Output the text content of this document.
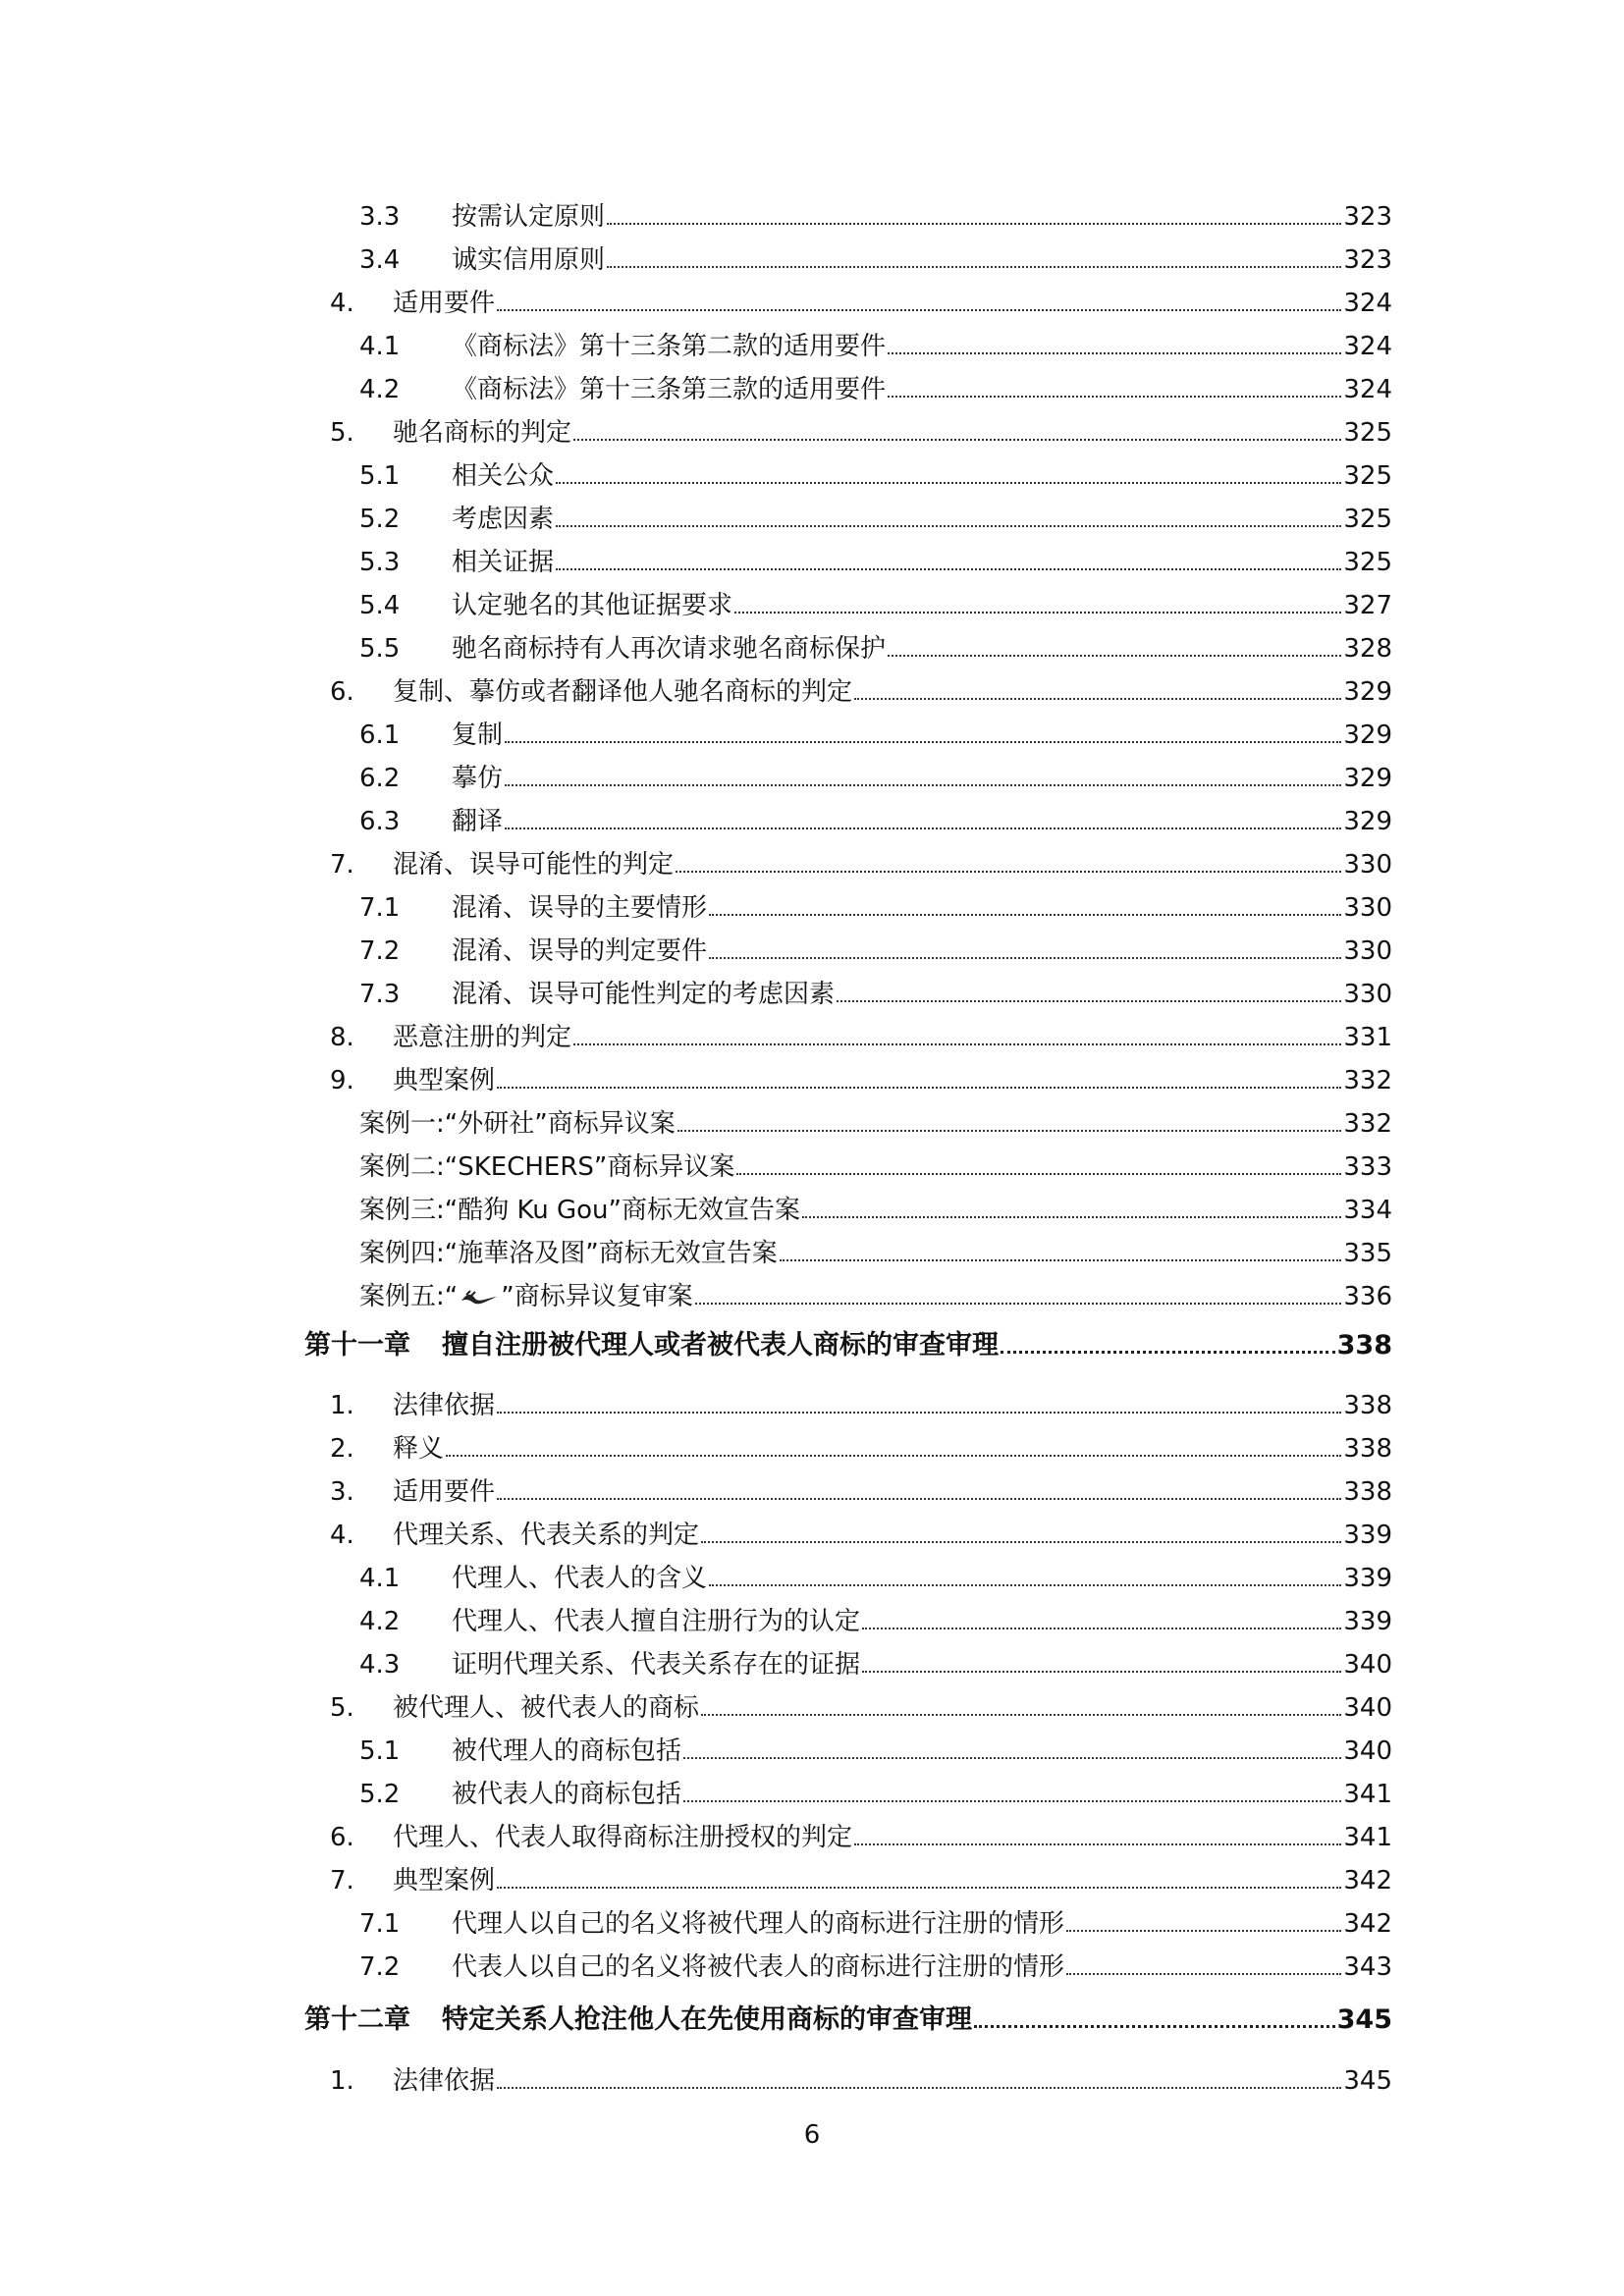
3.3	按需认定原则	323
3.4	诚实信用原则	323
4.	适用要件	324
4.1	《商标法》第十三条第二款的适用要件	324
4.2	《商标法》第十三条第三款的适用要件	324
5.	驰名商标的判定	325
5.1	相关公众	325
5.2	考虑因素	325
5.3	相关证据	325
5.4	认定驰名的其他证据要求	327
5.5	驰名商标持有人再次请求驰名商标保护	328
6.	复制、摹仿或者翻译他人驰名商标的判定	329
6.1	复制	329
6.2	摹仿	329
6.3	翻译	329
7.	混淆、误导可能性的判定	330
7.1	混淆、误导的主要情形	330
7.2	混淆、误导的判定要件	330
7.3	混淆、误导可能性判定的考虑因素	330
8.	恶意注册的判定	331
9.	典型案例	332
案例一:“外研社”商标异议案	332
案例二:“SKECHERS”商标异议案	333
案例三:“酷狗 Ku Gou”商标无效宣告案	334
案例四:“施華洛及图”商标无效宣告案	335
案例五:“ ”商标异议复审案	336
第十一章	擅自注册被代理人或者被代表人商标的审查审理	338
1.	法律依据	338
2.	释义	338
3.	适用要件	338
4.	代理关系、代表关系的判定	339
4.1	代理人、代表人的含义	339
4.2	代理人、代表人擅自注册行为的认定	339
4.3	证明代理关系、代表关系存在的证据	340
5.	被代理人、被代表人的商标	340
5.1	被代理人的商标包括	340
5.2	被代表人的商标包括	341
6.	代理人、代表人取得商标注册授权的判定	341
7.	典型案例	342
7.1	代理人以自己的名义将被代理人的商标进行注册的情形	342
7.2	代表人以自己的名义将被代表人的商标进行注册的情形	343
第十二章	特定关系人抢注他人在先使用商标的审查审理	345
1.	法律依据	345
6
